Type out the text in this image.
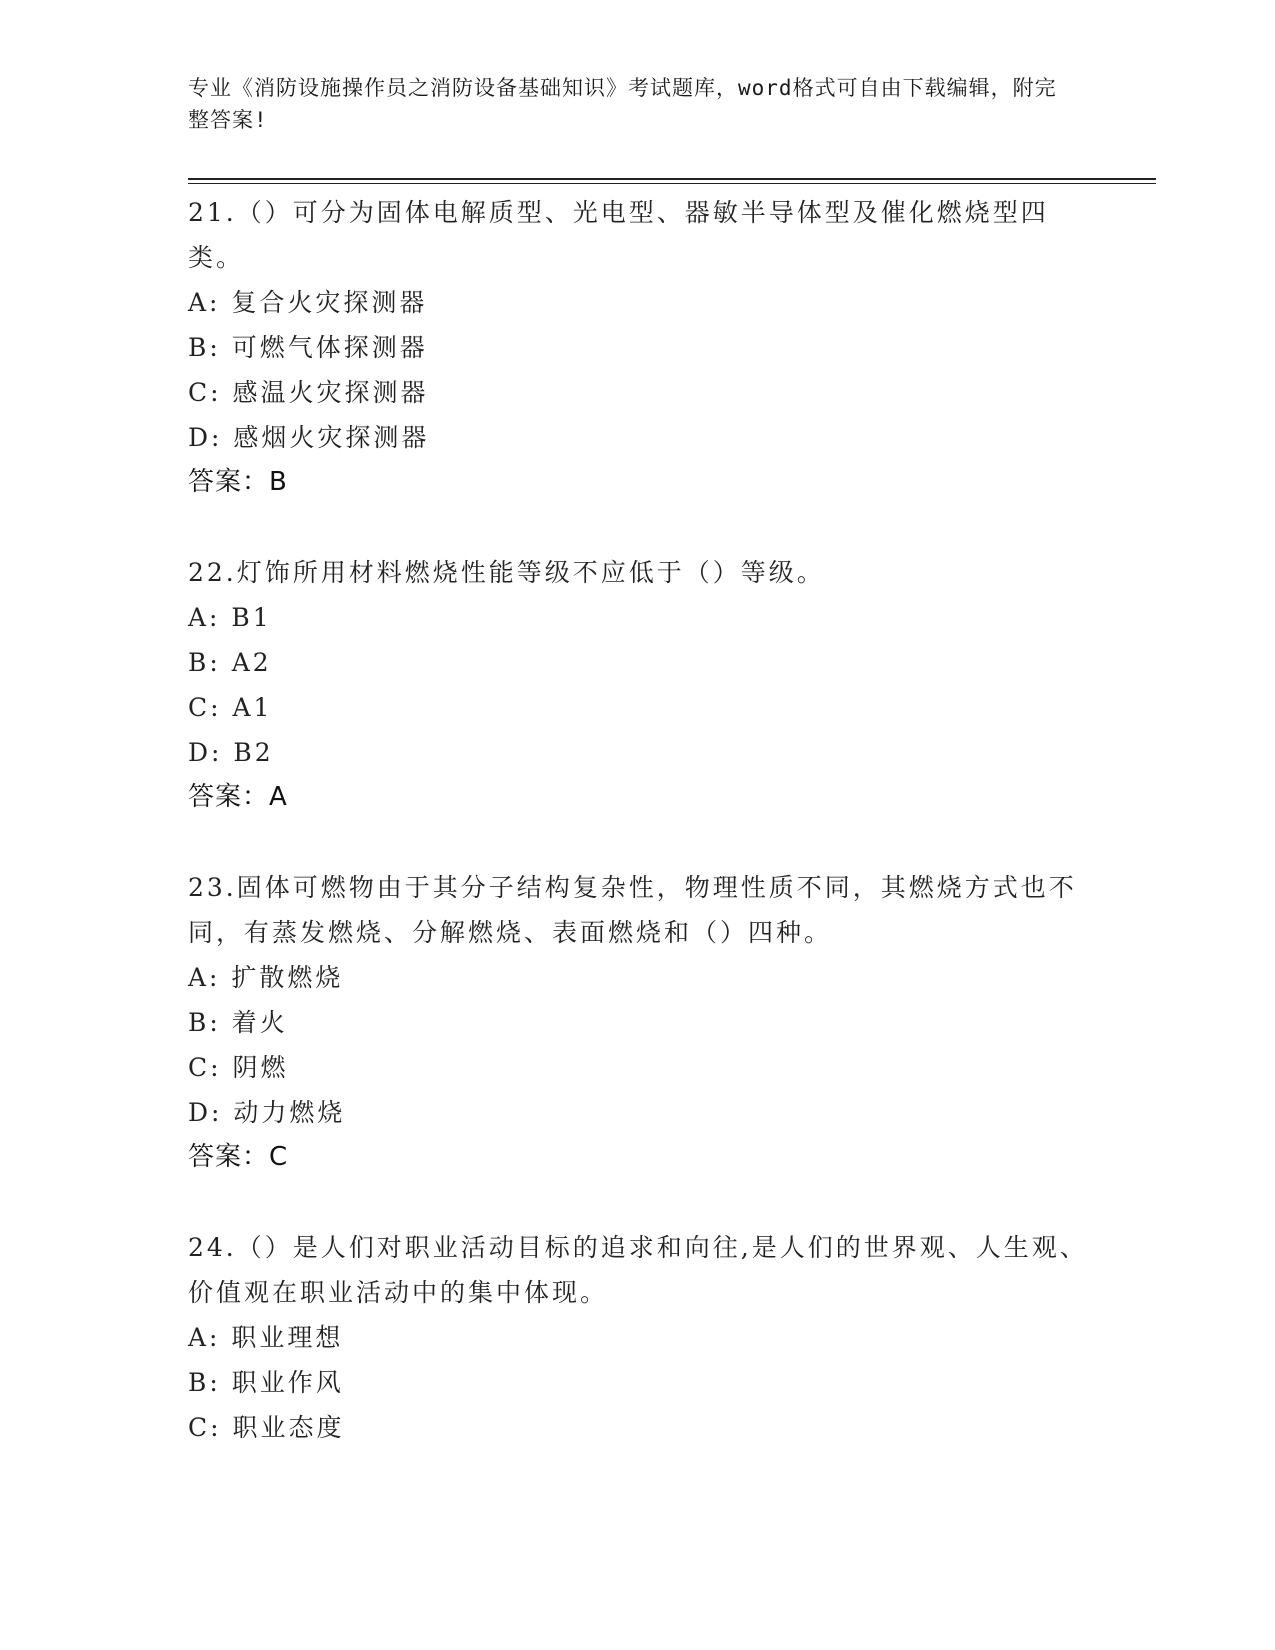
专业《消防设施操作员之消防设备基础知识》考试题库，word格式可自由下载编辑，附完整答案!

21.（）可分为固体电解质型、光电型、器敏半导体型及催化燃烧型四类。

A: 复合火灾探测器

B: 可燃气体探测器

C: 感温火灾探测器

D: 感烟火灾探测器

答案：B

22.灯饰所用材料燃烧性能等级不应低于（）等级。

A: B1

B: A2

C: A1

D: B2

答案：A

23.固体可燃物由于其分子结构复杂性，物理性质不同，其燃烧方式也不同，有蒸发燃烧、分解燃烧、表面燃烧和（）四种。

A: 扩散燃烧

B: 着火

C: 阴燃

D: 动力燃烧

答案：C

24.（）是人们对职业活动目标的追求和向往,是人们的世界观、人生观、价值观在职业活动中的集中体现。

A: 职业理想

B: 职业作风

C: 职业态度
